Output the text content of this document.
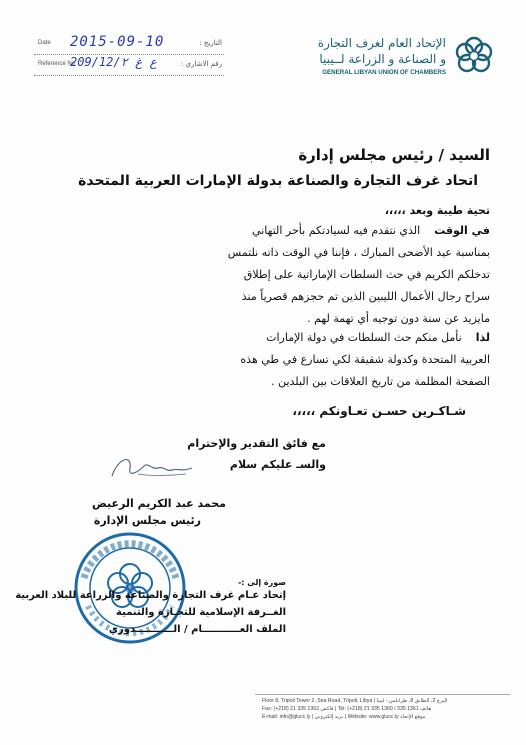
Date 2015-09-10	التاريخ :
Reference No
209/12/ع غ ٢	رقم الاشاري :
الإتحاد العام لغرف التجارة
و الصناعة و الزراعة لــيبيا
GENERAL LIBYAN UNION OF CHAMBERS
السيد / رئيس مجلس إدارة
اتحاد غرف التجارة والصناعة بدولة الإمارات العربية المتحدة
تحية طيبة وبعد ،،،،،
في الوقت    الذي نتقدم فيه لسيادتكم بأحر التهاني
بمناسبة عيد الأضحى المبارك ، فإننا في الوقت ذاته نلتمس
تدخلكم الكريم في حث السلطات الإماراتية على إطلاق
سراح رجال الأعمال الليبين الذين تم حجزهم قصرياً منذ
مايزيد عن سنة دون توجيه أي تهمة لهم .
لذا    نأمل منكم حث السلطات في دولة الإمارات
العربية المتحدة وكدولة شقيقة لكي تسارع في طي هذه
الصفحة المظلمة من تاريخ العلاقات بين البلدين .
شـاكـرين حسـن تعـاونكم ،،،،،
مع فائق التقدير والإحترام
والسـ عليكم سلام
محمد عبد الكريم الرعيض
رئيس مجلس الإدارة
صورة إلى :-
إتحاد عـام غرف التجارة والصناعة والزراعة للبلاد العربية
الغــرفة الإسلامية للتجـارة والتنمية
الملف العـــــــــــام / الـــــــــــدوري
Floor 8, Tripoli Tower 2, Sea Road, Tripoli, Libya | البرج 2، الطابق 8، طرابلس - ليبيا
Fax: (+218) 21 335 1362 فاكس | Tel: (+218) 21 335 1360 / 335 1361 هاتف
E-mail: info@glucc.ly | بريد إلكتروني | Website: www.glucc.ly موقع الإتحاد
